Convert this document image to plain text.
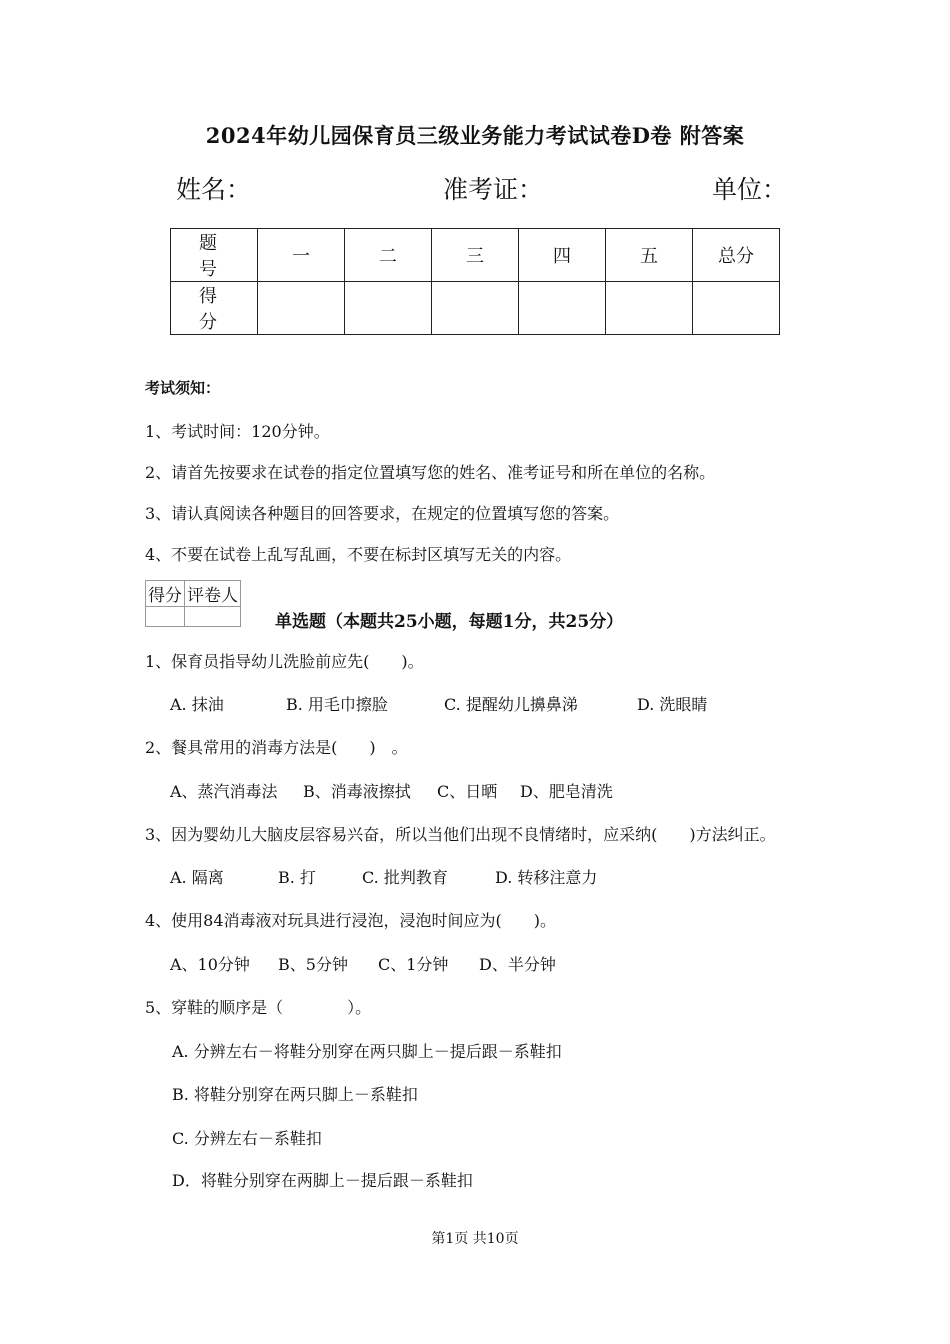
2024年幼儿园保育员三级业务能力考试试卷D卷 附答案
姓名：	准考证：	单位：
题　号	一	二	三	四	五	总分
得　分						
考试须知：
1、考试时间：120分钟。
2、请首先按要求在试卷的指定位置填写您的姓名、准考证号和所在单位的名称。
3、请认真阅读各种题目的回答要求，在规定的位置填写您的答案。
4、不要在试卷上乱写乱画，不要在标封区填写无关的内容。
得分	评卷人

单选题（本题共25小题，每题1分，共25分）
1、保育员指导幼儿洗脸前应先(　　)。
A. 抹油	B. 用毛巾擦脸	C. 提醒幼儿擤鼻涕	D. 洗眼睛
2、餐具常用的消毒方法是(　　)　。
A、蒸汽消毒法 B、消毒液擦拭 C、日晒 D、肥皂清洗
3、因为婴幼儿大脑皮层容易兴奋，所以当他们出现不良情绪时，应采纳(　　)方法纠正。
A. 隔离	B. 打	C. 批判教育	D. 转移注意力
4、使用84消毒液对玩具进行浸泡，浸泡时间应为(　　)。
A、10分钟 B、5分钟 C、1分钟 D、半分钟
5、穿鞋的顺序是（　　　　）。
A. 分辨左右－将鞋分别穿在两只脚上－提后跟－系鞋扣
B. 将鞋分别穿在两只脚上－系鞋扣
C. 分辨左右－系鞋扣
D．将鞋分别穿在两脚上－提后跟－系鞋扣
第1页 共10页
